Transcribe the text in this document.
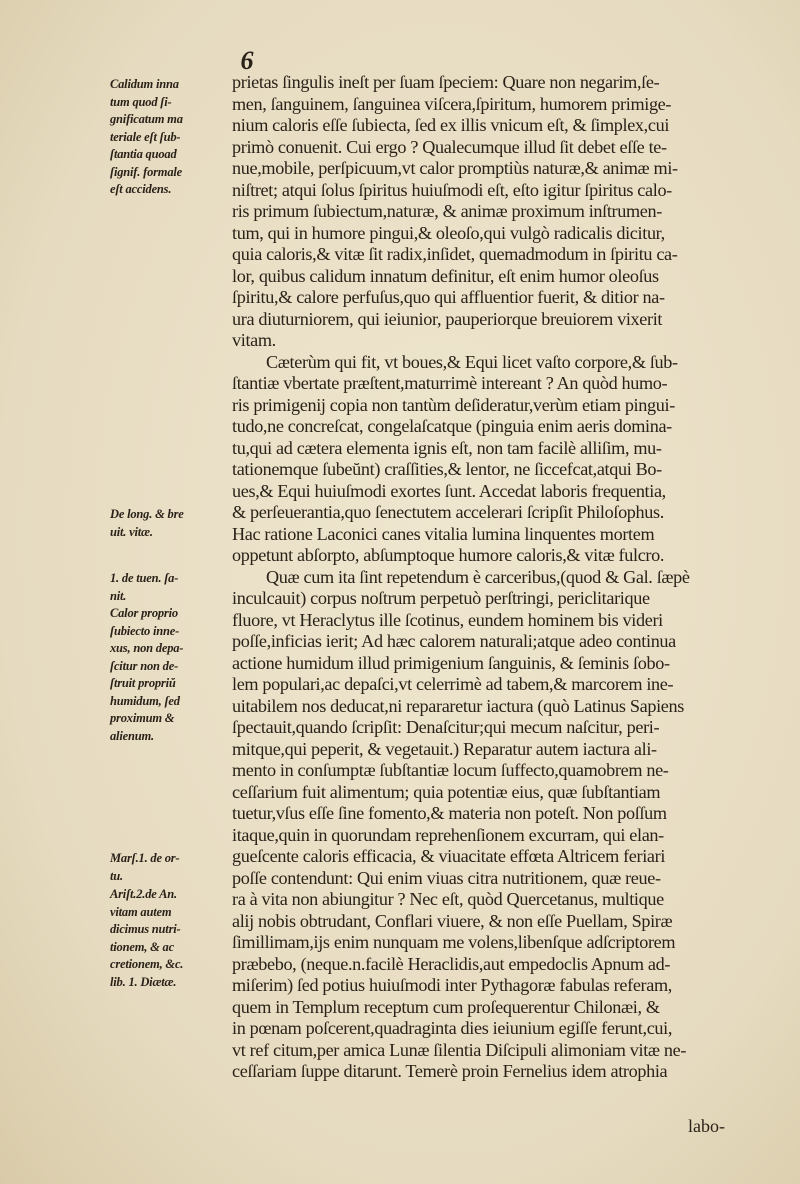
6
Calidum inna
tum quod ſi-
gnificatum ma
teriale eſt ſub-
ſtantia quoad
ſignif. formale
eſt accidens.
De long. & bre
uit. vitæ.
1. de tuen. ſa-
nit.
Calor proprio
ſubiecto inne-
xus, non depa-
ſcitur non de-
ſtruit propriŭ
humidum, ſed
proximum &
alienum.
Marſ.1. de or-
tu.
Ariſt.2.de An.
vitam autem
dicimus nutri-
tionem, & ac
cretionem, &c.
lib. 1. Diætæ.
prietas ſingulis ineſt per ſuam ſpeciem: Quare non negarim,ſe-
men, ſanguinem, ſanguinea viſcera,ſpiritum, humorem primige-
nium caloris eſſe ſubiecta, ſed ex illis vnicum eſt, & ſimplex,cui
primò conuenit. Cui ergo ? Qualecumque illud ſit debet eſſe te-
nue,mobile, perſpicuum,vt calor promptiùs naturæ,& animæ mi-
niſtret; atqui ſolus ſpiritus huiuſmodi eſt, eſto igitur ſpiritus calo-
ris primum ſubiectum,naturæ, & animæ proximum inſtrumen-
tum, qui in humore pingui,& oleoſo,qui vulgò radicalis dicitur,
quia caloris,& vitæ ſit radix,inſidet, quemadmodum in ſpiritu ca-
lor, quibus calidum innatum definitur, eſt enim humor oleoſus
ſpiritu,& calore perfuſus,quo qui affluentior fuerit, & ditior na-
ura diuturniorem, qui ieiunior, pauperiorque breuiorem vixerit
vitam.
Cæterùm qui fit, vt boues,& Equi licet vaſto corpore,& ſub-
ſtantiæ vbertate præſtent,maturrimè intereant ? An quòd humo-
ris primigenij copia non tantùm deſideratur,verùm etiam pingui-
tudo,ne concreſcat, congelaſcatque (pinguia enim aeris domina-
tu,qui ad cætera elementa ignis eſt, non tam facilè alliſim, mu-
tationemque ſubeŭnt) craſſities,& lentor, ne ſiccefcat,atqui Bo-
ues,& Equi huiuſmodi exortes ſunt. Accedat laboris frequentia,
& perſeuerantia,quo ſenectutem accelerari ſcripſit Philoſophus.
Hac ratione Laconici canes vitalia lumina linquentes mortem
oppetunt abſorpto, abſumptoque humore caloris,& vitæ fulcro.
Quæ cum ita ſint repetendum è carceribus,(quod & Gal. ſæpè
inculcauit) corpus noſtrum perpetuò perſtringi, periclitarique
fluore, vt Heraclytus ille ſcotinus, eundem hominem bis videri
poſſe,inficias ierit; Ad hæc calorem naturali;atque adeo continua
actione humidum illud primigenium ſanguinis, & ſeminis ſobo-
lem populari,ac depaſci,vt celerrimè ad tabem,& marcorem ine-
uitabilem nos deducat,ni repararetur iactura (quò Latinus Sapiens
ſpectauit,quando ſcripſit: Denaſcitur;qui mecum naſcitur, peri-
mitque,qui peperit, & vegetauit.) Reparatur autem iactura ali-
mento in conſumptæ ſubſtantiæ locum ſuffecto,quamobrem ne-
ceſſarium fuit alimentum; quia potentiæ eius, quæ ſubſtantiam
tuetur,vſus eſſe ſine fomento,& materia non poteſt. Non poſſum
itaque,quin in quorundam reprehenſionem excurram, qui elan-
gueſcente caloris efficacia, & viuacitate effœta Altricem feriari
poſſe contendunt: Qui enim viuas citra nutritionem, quæ reue-
ra à vita non abiungitur ? Nec eſt, quòd Quercetanus, multique
alij nobis obtrudant, Conflari viuere, & non eſſe Puellam, Spiræ
ſimillimam,ijs enim nunquam me volens,libenſque adſcriptorem
præbebo, (neque.n.facilè Heraclidis,aut empedoclis Apnum ad-
miſerim) ſed potius huiuſmodi inter Pythagoræ fabulas referam,
quem in Templum receptum cum proſequerentur Chilonæi, &
in pœnam poſcerent,quadraginta dies ieiunium egiſſe ferunt,cui,
vt ref citum,per amica Lunæ ſilentia Diſcipuli alimoniam vitæ ne-
ceſſariam ſuppe ditarunt. Temerè proin Fernelius idem atrophia
labo-
